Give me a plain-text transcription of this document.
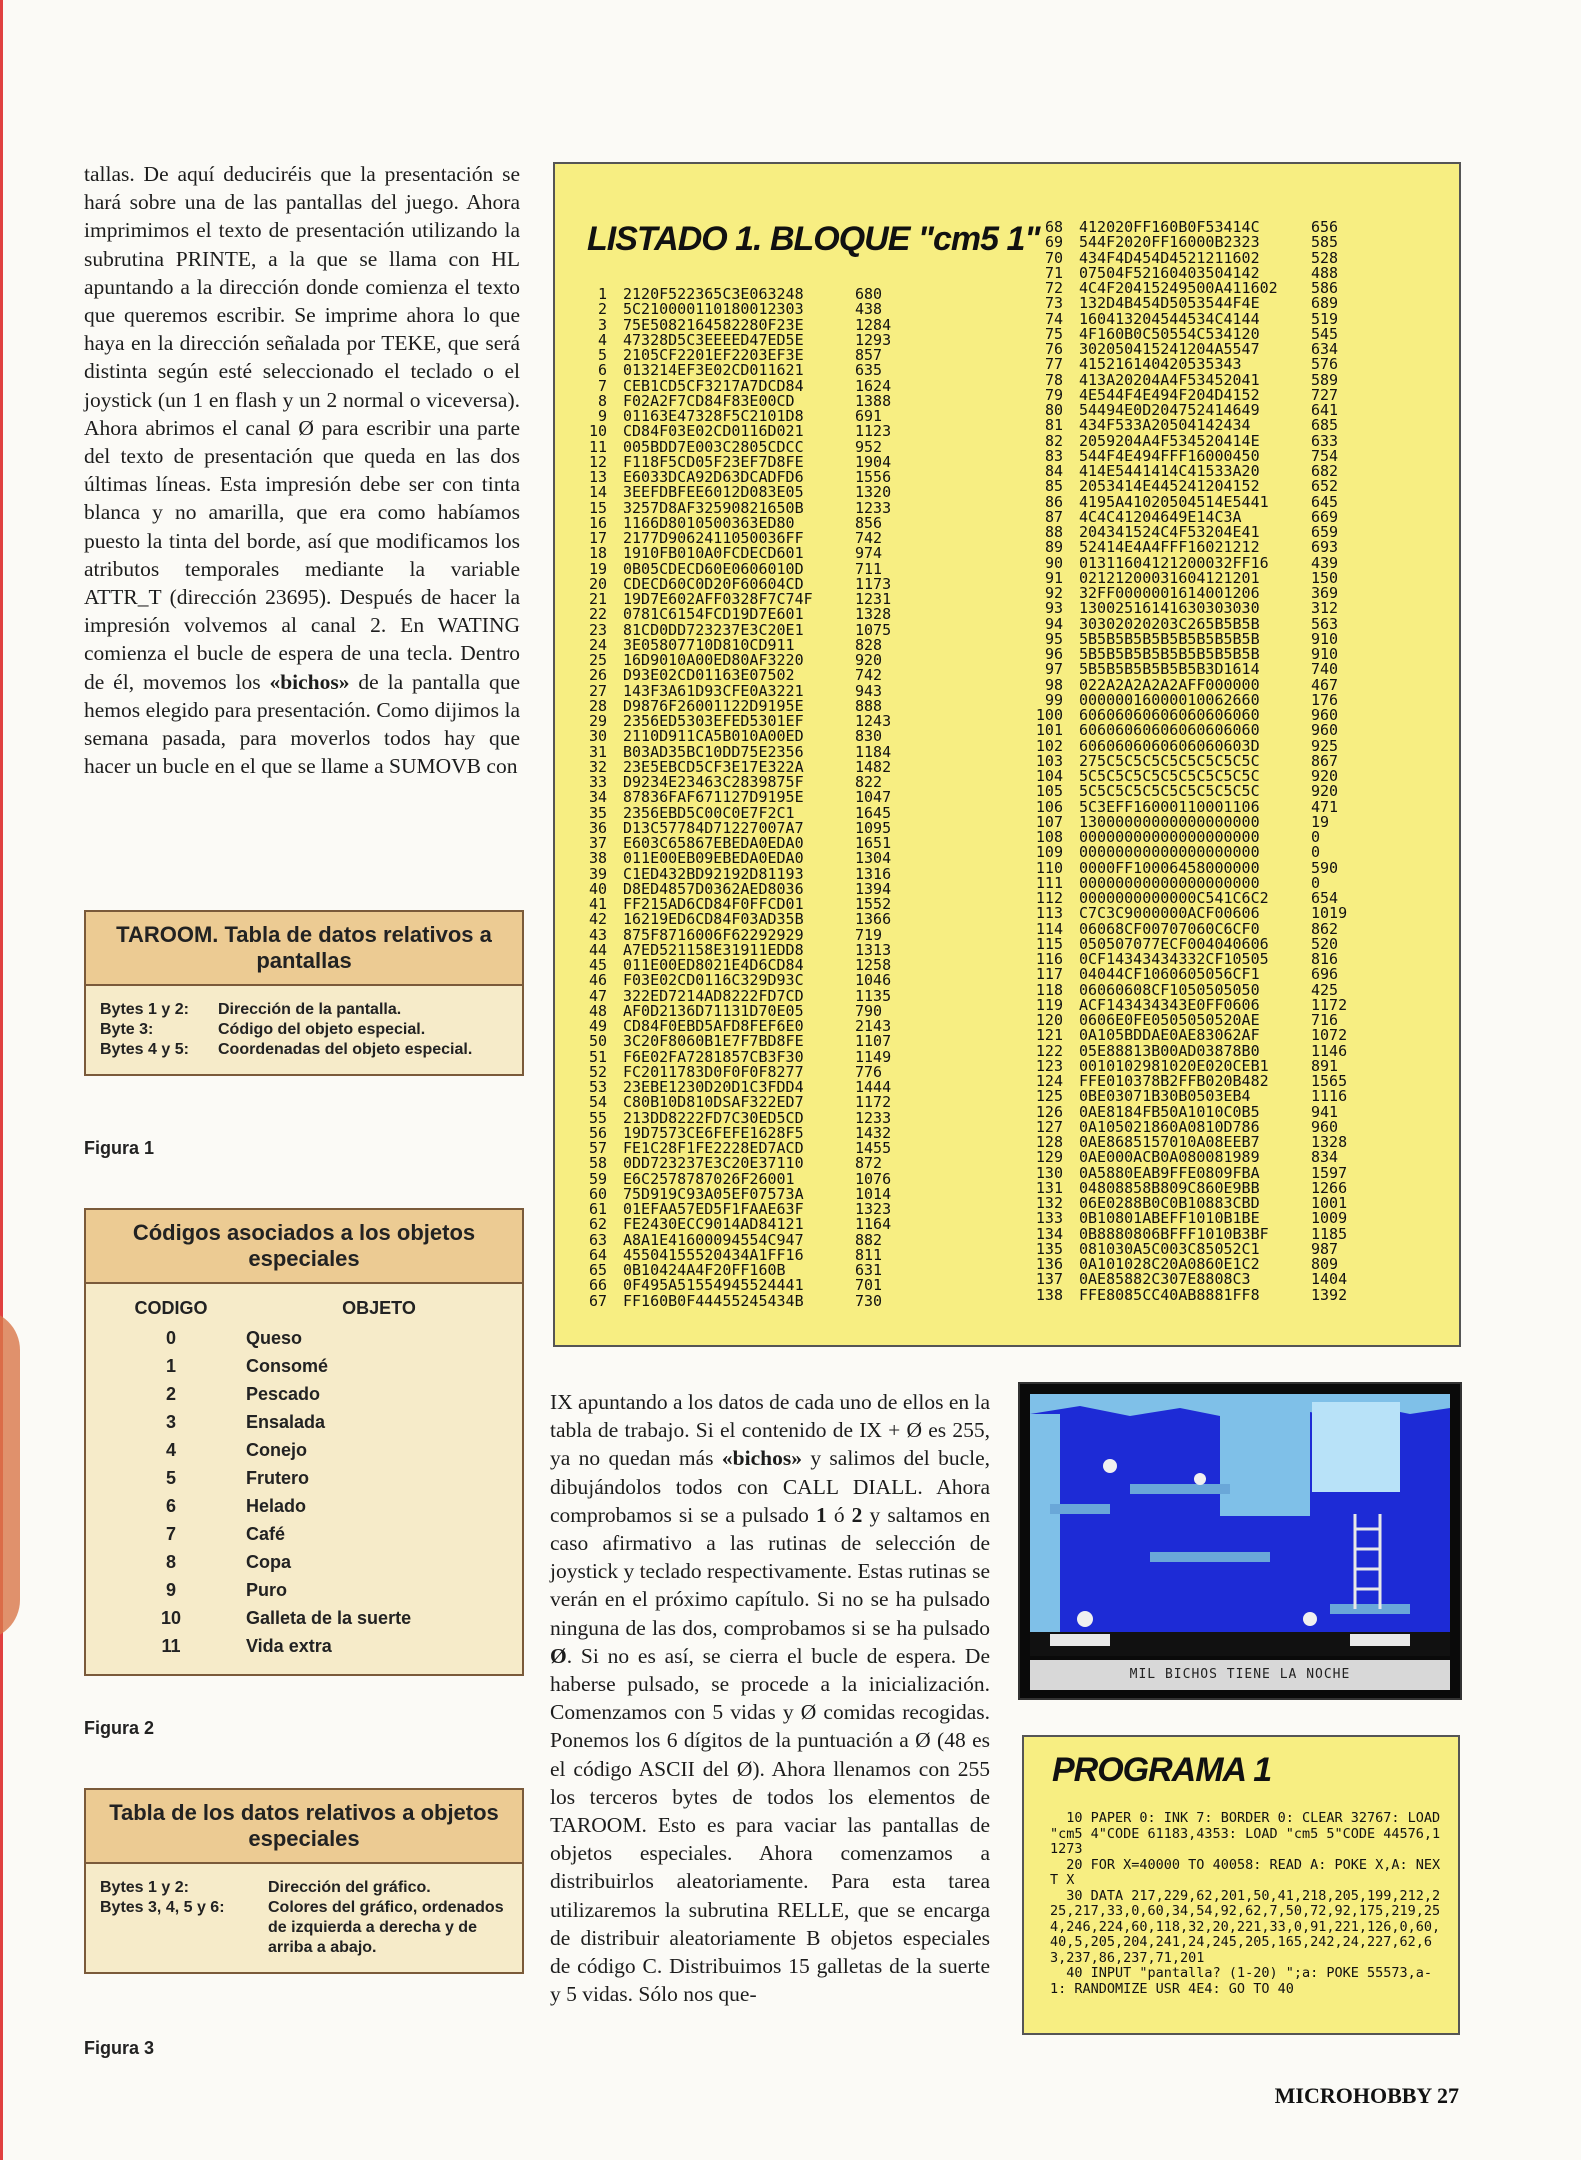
tallas. De aquí deduciréis que la presentación se hará sobre una de las pantallas del juego. Ahora imprimimos el texto de presentación utilizando la subrutina PRINTE, a la que se llama con HL apuntando a la dirección donde comienza el texto que queremos escribir. Se imprime ahora lo que haya en la dirección señalada por TEKE, que será distinta según esté seleccionado el teclado o el joystick (un 1 en flash y un 2 normal o viceversa). Ahora abrimos el canal Ø para escribir una parte del texto de presentación que queda en las dos últimas líneas. Esta impresión debe ser con tinta blanca y no amarilla, que era como habíamos puesto la tinta del borde, así que modificamos los atributos temporales mediante la variable ATTR_T (dirección 23695). Después de hacer la impresión volvemos al canal 2. En WATING comienza el bucle de espera de una tecla. Dentro de él, movemos los «bichos» de la pantalla que hemos elegido para presentación. Como dijimos la semana pasada, para moverlos todos hay que hacer un bucle en el que se llame a SUMOVB con

TAROOM. Tabla de datos relativos a pantallas
Bytes 1 y 2:	Dirección de la pantalla.
Byte 3:	Código del objeto especial.
Bytes 4 y 5:	Coordenadas del objeto especial.
Figura 1
Códigos asociados a los objetos especiales
CODIGO	OBJETO
0	Queso
1	Consomé
2	Pescado
3	Ensalada
4	Conejo
5	Frutero
6	Helado
7	Café
8	Copa
9	Puro
10	Galleta de la suerte
11	Vida extra
Figura 2
Tabla de los datos relativos a objetos especiales
Bytes 1 y 2:	Dirección del gráfico.
Bytes 3, 4, 5 y 6:	Colores del gráfico, ordenados de izquierda a derecha y de arriba a abajo.
Figura 3
LISTADO 1. BLOQUE "cm5 1"
1 2120F522365C3E063248	680
2 5C210000110180012303	438
3 75E5082164582280F23E	1284
4 47328D5C3EEEED47ED5E	1293
5 2105CF2201EF2203EF3E	857
6 013214EF3E02CD011621	635
7 CEB1CD5CF3217A7DCD84	1624
8 F02A2F7CD84F83E00CD	1388
9 01163E47328F5C2101D8	691
10 CD84F03E02CD0116D021	1123
11 005BDD7E003C2805CDCC	952
12 F118F5CD05F23EF7D8FE	1904
13 E6033DCA92D63DCADFD6	1556
14 3EEFDBFEE6012D083E05	1320
15 3257D8AF32590821650B	1233
16 1166D8010500363ED80	856
17 2177D9062411050036FF	742
18 1910FB010A0FCDECD601	974
19 0B05CDECD60E0606010D	711
20 CDECD60C0D20F60604CD	1173
21 19D7E602AFF0328F7C74F	1231
22 0781C6154FCD19D7E601	1328
23 81CD0DD723237E3C20E1	1075
24 3E05807710D810CD911	828
25 16D9010A00ED80AF3220	920
26 D93E02CD01163E07502	742
27 143F3A61D93CFE0A3221	943
28 D9876F26001122D9195E	888
29 2356ED5303EFED5301EF	1243
30 2110D911CA5B010A00ED	830
31 B03AD35BC10DD75E2356	1184
32 23E5EBCD5CF3E17E322A	1482
33 D9234E23463C2839875F	822
34 87836FAF671127D9195E	1047
35 2356EBD5C00C0E7F2C1	1645
36 D13C57784D71227007A7	1095
37 E603C65867EBEDA0EDA0	1651
38 011E00EB09EBEDA0EDA0	1304
39 C1ED432BD92192D81193	1316
40 D8ED4857D0362AED8036	1394
41 FF215AD6CD84F0FFCD01	1552
42 16219ED6CD84F03AD35B	1366
43 875F8716006F62292929	719
44 A7ED521158E31911EDD8	1313
45 011E00ED8021E4D6CD84	1258
46 F03E02CD0116C329D93C	1046
47 322ED7214AD8222FD7CD	1135
48 AF0D2136D71131D70E05	790
49 CD84F0EBD5AFD8FEF6E0	2143
50 3C20F8060B1E7F7BD8FE	1107
51 F6E02FA7281857CB3F30	1149
52 FC2011783D0F0F0F8277	776
53 23EBE1230D20D1C3FDD4	1444
54 C80B10D810DSAF322ED7	1172
55 213DD8222FD7C30ED5CD	1233
56 19D7573CE6FEFE1628F5	1432
57 FE1C28F1FE2228ED7ACD	1455
58 0DD723237E3C20E37110	872
59 E6C2578787026F26001	1076
60 75D919C93A05EF07573A	1014
61 01EFAA57ED5F1FAAE63F	1323
62 FE2430ECC9014AD84121	1164
63 A8A1E41600094554C947	882
64 45504155520434A1FF16	811
65 0B10424A4F20FF160B	631
66 0F495A51554945524441	701
67 FF160B0F44455245434B	730
68 412020FF160B0F53414C	656
69 544F2020FF16000B2323	585
70 434F4D454D4521211602	528
71 07504F52160403504142	488
72 4C4F20415249500A411602 586
73 132D4B454D5053544F4E	689
74 160413204544534C4144	519
75 4F160B0C50554C534120	545
76 302050415241204A5547	634
77 415216140420535343	576
78 413A20204A4F53452041	589
79 4E544F4E494F204D4152	727
80 54494E0D204752414649	641
81 434F533A20504142434	685
82 2059204A4F534520414E	633
83 544F4E494FFF16000450	754
84 414E5441414C41533A20	682
85 2053414E445241204152	652
86 4195A41020504514E5441	645
87 4C4C41204649E14C3A	669
88 204341524C4F53204E41	659
89 52414E4A4FFF16021212	693
90 01311604121200032FF16	439
91 02121200031604121201	150
92 32FF0000001614001206	369
93 13002516141630303030	312
94 30302020203C265B5B5B	563
95 5B5B5B5B5B5B5B5B5B5B	910
96 5B5B5B5B5B5B5B5B5B5B	910
97 5B5B5B5B5B5B5B3D1614	740
98 022A2A2A2A2AFF000000	467
99 00000016000010062660	176
100 60606060606060606060	960
101 60606060606060606060	960
102 6060606060606060603D	925
103 275C5C5C5C5C5C5C5C5C	867
104 5C5C5C5C5C5C5C5C5C5C	920
105 5C5C5C5C5C5C5C5C5C5C	920
106 5C3EFF16000110001106	471
107 13000000000000000000	19
108 00000000000000000000	0
109 00000000000000000000	0
110 0000FF10006458000000	590
111 00000000000000000000	0
112 0000000000000C541C6C2	654
113 C7C3C9000000ACF00606	1019
114 06068CF00707060C6CF0	862
115 050507077ECF004040606	520
116 0CF14343434332CF10505	816
117 04044CF1060605056CF1	696
118 06060608CF1050505050	425
119 ACF143434343E0FF0606	1172
120 0606E0FE0505050520AE	716
121 0A105BDDAE0AE83062AF	1072
122 05E88813B00AD03878B0	1146
123 0010102981020E020CEB1	891
124 FFE010378B2FFB020B482	1565
125 0BE03071B30B0503EB4	1116
126 0AE8184FB50A1010C0B5	941
127 0A105021860A0810D786	960
128 0AE8685157010A08EEB7	1328
129 0AE000ACB0A080081989	834
130 0A5880EAB9FFE0809FBA	1597
131 04808858B809C860E9BB	1266
132 06E0288B0C0B10883CBD	1001
133 0B10801ABEFF1010B1BE	1009
134 0B8880806BFFF1010B3BF	1185
135 081030A5C003C85052C1	987
136 0A101028C20A0860E1C2	809
137 0AE85882C307E8808C3	1404
138 FFE8085CC40AB8881FF8	1392

IX apuntando a los datos de cada uno de ellos en la tabla de trabajo. Si el contenido de IX + Ø es 255, ya no quedan más «bichos» y salimos del bucle, dibujándolos todos con CALL DIALL. Ahora comprobamos si se a pulsado 1 ó 2 y saltamos en caso afirmativo a las rutinas de selección de joystick y teclado respectivamente. Estas rutinas se verán en el próximo capítulo. Si no se ha pulsado ninguna de las dos, comprobamos si se ha pulsado Ø. Si no es así, se cierra el bucle de espera. De haberse pulsado, se procede a la inicialización. Comenzamos con 5 vidas y Ø comidas recogidas. Ponemos los 6 dígitos de la puntuación a Ø (48 es el código ASCII del Ø). Ahora llenamos con 255 los terceros bytes de todos los elementos de TAROOM. Esto es para vaciar las pantallas de objetos especiales. Ahora comenzamos a distribuirlos aleatoriamente. Para esta tarea utilizaremos la subrutina RELLE, que se encarga de distribuir aleatoriamente B objetos especiales de código C. Distribuimos 15 galletas de la suerte y 5 vidas. Sólo nos que-

MIL BICHOS TIENE LA NOCHE
PROGRAMA 1
10 PAPER 0: INK 7: BORDER 0: CLEAR 32767: LOAD "cm5 4"CODE 61183,4353: LOAD "cm5 5"CODE 44576,11273
20 FOR X=40000 TO 40058: READ A: POKE X,A: NEXT X
30 DATA 217,229,62,201,50,41,218,205,199,212,225,217,33,0,60,34,54,92,62,7,50,72,92,175,219,254,246,224,60,118,32,20,221,33,0,91,221,126,0,60,40,5,205,204,241,24,245,205,165,242,24,227,62,63,237,86,237,71,201
40 INPUT "pantalla? (1-20) ";a: POKE 55573,a-1: RANDOMIZE USR 4E4: GO TO 40
MICROHOBBY 27
